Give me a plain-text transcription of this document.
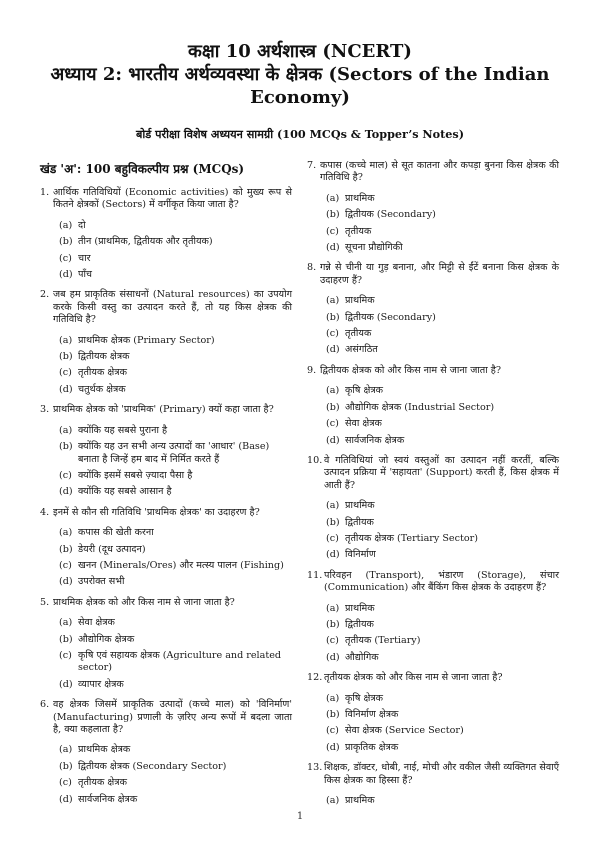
कक्षा 10 अर्थशास्त्र (NCERT)
अध्याय 2: भारतीय अर्थव्यवस्था के क्षेत्रक (Sectors of the Indian
Economy)
बोर्ड परीक्षा विशेष अध्ययन सामग्री (100 MCQs & Topper’s Notes)
खंड 'अ': 100 बहुविकल्पीय प्रश्न (MCQs)
1. आर्थिक गतिविधियों (Economic activities) को मुख्य रूप से कितने क्षेत्रकों (Sectors) में वर्गीकृत किया जाता है?
(a) दो
(b) तीन (प्राथमिक, द्वितीयक और तृतीयक)
(c) चार
(d) पाँच
2. जब हम प्राकृतिक संसाधनों (Natural resources) का उपयोग करके किसी वस्तु का उत्पादन करते हैं, तो यह किस क्षेत्रक की गतिविधि है?
(a) प्राथमिक क्षेत्रक (Primary Sector)
(b) द्वितीयक क्षेत्रक
(c) तृतीयक क्षेत्रक
(d) चतुर्थक क्षेत्रक
3. प्राथमिक क्षेत्रक को 'प्राथमिक' (Primary) क्यों कहा जाता है?
(a) क्योंकि यह सबसे पुराना है
(b) क्योंकि यह उन सभी अन्य उत्पादों का 'आधार' (Base) बनाता है जिन्हें हम बाद में निर्मित करते हैं
(c) क्योंकि इसमें सबसे ज़्यादा पैसा है
(d) क्योंकि यह सबसे आसान है
4. इनमें से कौन सी गतिविधि 'प्राथमिक क्षेत्रक' का उदाहरण है?
(a) कपास की खेती करना
(b) डेयरी (दूध उत्पादन)
(c) खनन (Minerals/Ores) और मत्स्य पालन (Fishing)
(d) उपरोक्त सभी
5. प्राथमिक क्षेत्रक को और किस नाम से जाना जाता है?
(a) सेवा क्षेत्रक
(b) औद्योगिक क्षेत्रक
(c) कृषि एवं सहायक क्षेत्रक (Agriculture and related sector)
(d) व्यापार क्षेत्रक
6. वह क्षेत्रक जिसमें प्राकृतिक उत्पादों (कच्चे माल) को 'विनिर्माण' (Manufacturing) प्रणाली के ज़रिए अन्य रूपों में बदला जाता है, क्या कहलाता है?
(a) प्राथमिक क्षेत्रक
(b) द्वितीयक क्षेत्रक (Secondary Sector)
(c) तृतीयक क्षेत्रक
(d) सार्वजनिक क्षेत्रक
7. कपास (कच्चे माल) से सूत कातना और कपड़ा बुनना किस क्षेत्रक की गतिविधि है?
(a) प्राथमिक
(b) द्वितीयक (Secondary)
(c) तृतीयक
(d) सूचना प्रौद्योगिकी
8. गन्ने से चीनी या गुड़ बनाना, और मिट्टी से ईंटें बनाना किस क्षेत्रक के उदाहरण हैं?
(a) प्राथमिक
(b) द्वितीयक (Secondary)
(c) तृतीयक
(d) असंगठित
9. द्वितीयक क्षेत्रक को और किस नाम से जाना जाता है?
(a) कृषि क्षेत्रक
(b) औद्योगिक क्षेत्रक (Industrial Sector)
(c) सेवा क्षेत्रक
(d) सार्वजनिक क्षेत्रक
10. वे गतिविधियां जो स्वयं वस्तुओं का उत्पादन नहीं करतीं, बल्कि उत्पादन प्रक्रिया में 'सहायता' (Support) करती हैं, किस क्षेत्रक में आती हैं?
(a) प्राथमिक
(b) द्वितीयक
(c) तृतीयक क्षेत्रक (Tertiary Sector)
(d) विनिर्माण
11. परिवहन (Transport), भंडारण (Storage), संचार (Communication) और बैंकिंग किस क्षेत्रक के उदाहरण हैं?
(a) प्राथमिक
(b) द्वितीयक
(c) तृतीयक (Tertiary)
(d) औद्योगिक
12. तृतीयक क्षेत्रक को और किस नाम से जाना जाता है?
(a) कृषि क्षेत्रक
(b) विनिर्माण क्षेत्रक
(c) सेवा क्षेत्रक (Service Sector)
(d) प्राकृतिक क्षेत्रक
13. शिक्षक, डॉक्टर, धोबी, नाई, मोची और वकील जैसी व्यक्तिगत सेवाएँ किस क्षेत्रक का हिस्सा हैं?
(a) प्राथमिक
1
